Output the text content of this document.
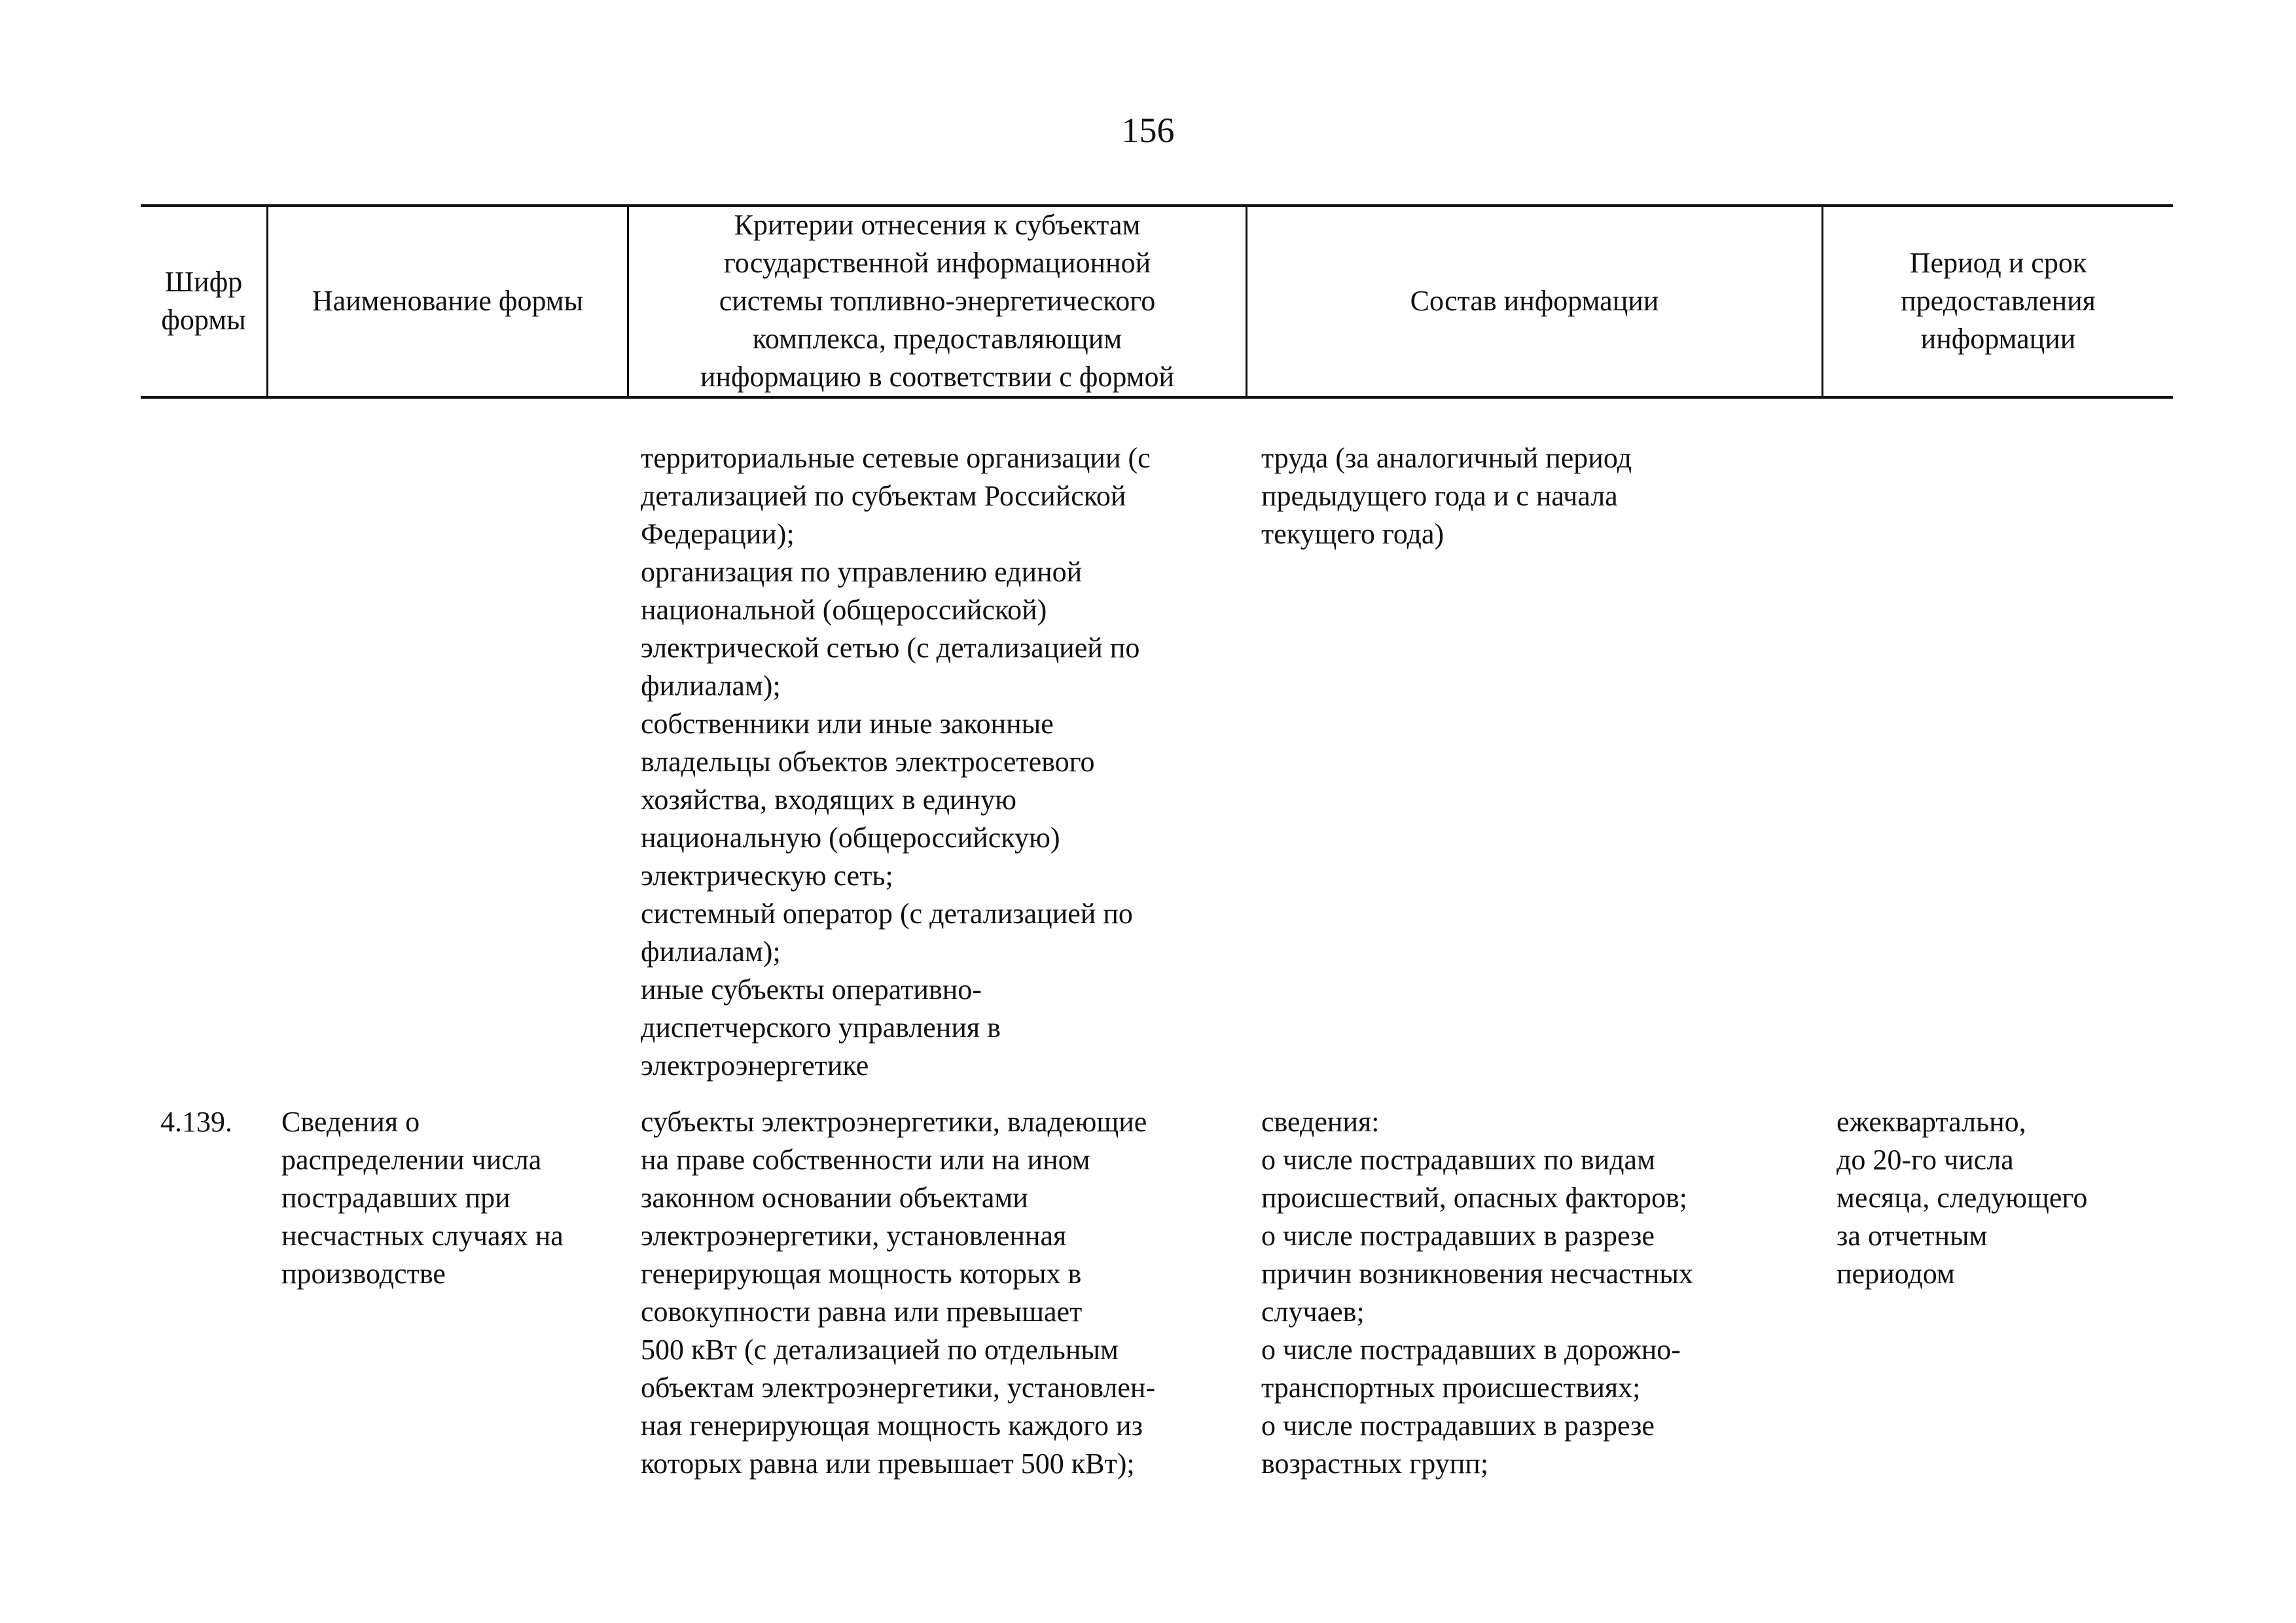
156
Шифр
формы
Наименование формы
Критерии отнесения к субъектам
государственной информационной
системы топливно-энергетического
комплекса, предоставляющим
информацию в соответствии с формой
Состав информации
Период и срок
предоставления
информации
территориальные сетевые организации (с
детализацией по субъектам Российской
Федерации);
организация по управлению единой
национальной (общероссийской)
электрической сетью (с детализацией по
филиалам);
собственники или иные законные
владельцы объектов электросетевого
хозяйства, входящих в единую
национальную (общероссийскую)
электрическую сеть;
системный оператор (с детализацией по
филиалам);
иные субъекты оперативно-
диспетчерского управления в
электроэнергетике
труда (за аналогичный период
предыдущего года и с начала
текущего года)
4.139.	Сведения о
распределении числа
пострадавших при
несчастных случаях на
производстве
субъекты электроэнергетики, владеющие
на праве собственности или на ином
законном основании объектами
электроэнергетики, установленная
генерирующая мощность которых в
совокупности равна или превышает
500 кВт (с детализацией по отдельным
объектам электроэнергетики, установлен-
ная генерирующая мощность каждого из
которых равна или превышает 500 кВт);
сведения:
о числе пострадавших по видам
происшествий, опасных факторов;
о числе пострадавших в разрезе
причин возникновения несчастных
случаев;
о числе пострадавших в дорожно-
транспортных происшествиях;
о числе пострадавших в разрезе
возрастных групп;
ежеквартально,
до 20-го числа
месяца, следующего
за отчетным
периодом
